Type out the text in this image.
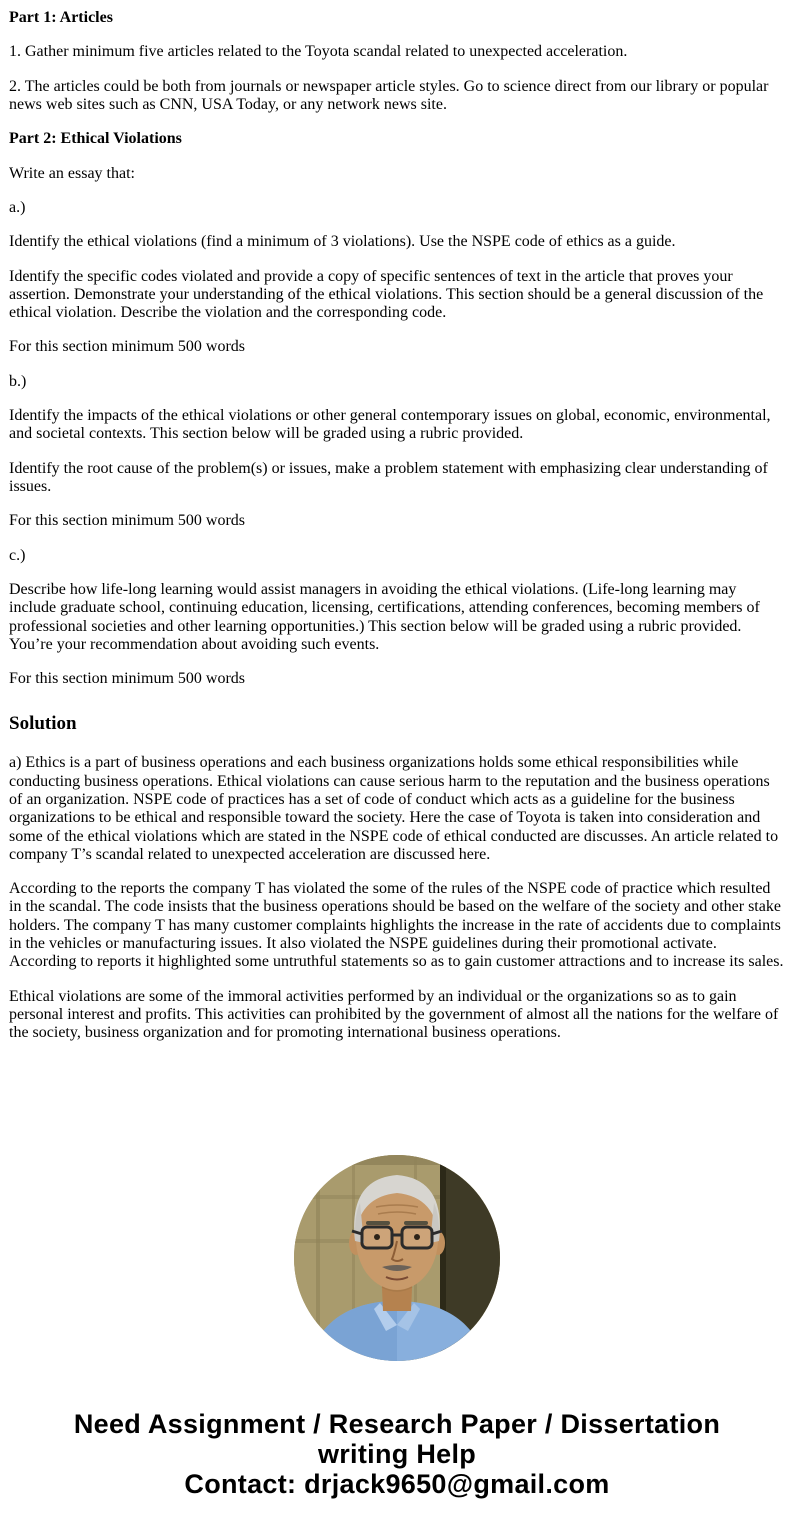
Part 1: Articles

1. Gather minimum five articles related to the Toyota scandal related to unexpected acceleration.

2. The articles could be both from journals or newspaper article styles. Go to science direct from our library or popular news web sites such as CNN, USA Today, or any network news site.

Part 2: Ethical Violations

Write an essay that:

a.)

Identify the ethical violations (find a minimum of 3 violations). Use the NSPE code of ethics as a guide.

Identify the specific codes violated and provide a copy of specific sentences of text in the article that proves your assertion. Demonstrate your understanding of the ethical violations. This section should be a general discussion of the ethical violation. Describe the violation and the corresponding code.

For this section minimum 500 words

b.)

Identify the impacts of the ethical violations or other general contemporary issues on global, economic, environmental, and societal contexts. This section below will be graded using a rubric provided.

Identify the root cause of the problem(s) or issues, make a problem statement with emphasizing clear understanding of issues.

For this section minimum 500 words

c.)

Describe how life-long learning would assist managers in avoiding the ethical violations. (Life-long learning may include graduate school, continuing education, licensing, certifications, attending conferences, becoming members of professional societies and other learning opportunities.) This section below will be graded using a rubric provided. You’re your recommendation about avoiding such events.

For this section minimum 500 words

Solution

a) Ethics is a part of business operations and each business organizations holds some ethical responsibilities while conducting business operations. Ethical violations can cause serious harm to the reputation and the business operations of an organization. NSPE code of practices has a set of code of conduct which acts as a guideline for the business organizations to be ethical and responsible toward the society. Here the case of Toyota is taken into consideration and some of the ethical violations which are stated in the NSPE code of ethical conducted are discusses. An article related to company T’s scandal related to unexpected acceleration are discussed here.

According to the reports the company T has violated the some of the rules of the NSPE code of practice which resulted in the scandal. The code insists that the business operations should be based on the welfare of the society and other stake holders. The company T has many customer complaints highlights the increase in the rate of accidents due to complaints in the vehicles or manufacturing issues. It also violated the NSPE guidelines during their promotional activate. According to reports it highlighted some untruthful statements so as to gain customer attractions and to increase its sales.

Ethical violations are some of the immoral activities performed by an individual or the organizations so as to gain personal interest and profits. This activities can prohibited by the government of almost all the nations for the welfare of the society, business organization and for promoting international business operations.

Need Assignment / Research Paper / Dissertation writing Help
Contact: drjack9650@gmail.com
